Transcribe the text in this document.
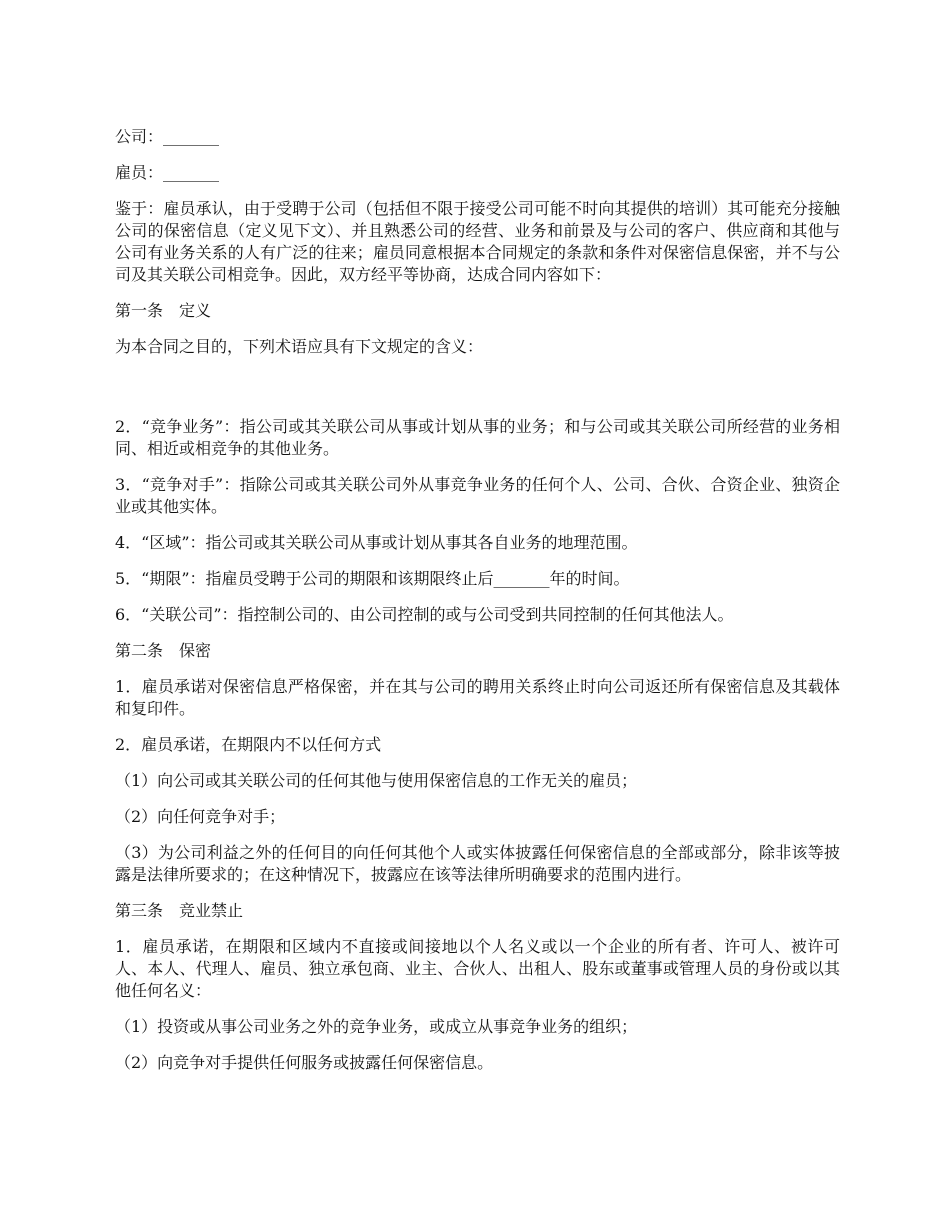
公司：_______

雇员：_______

鉴于：雇员承认，由于受聘于公司（包括但不限于接受公司可能不时向其提供的培训）其可能充分接触公司的保密信息（定义见下文）、并且熟悉公司的经营、业务和前景及与公司的客户、供应商和其他与公司有业务关系的人有广泛的往来；雇员同意根据本合同规定的条款和条件对保密信息保密，并不与公司及其关联公司相竞争。因此，双方经平等协商，达成合同内容如下：

第一条　定义

为本合同之目的，下列术语应具有下文规定的含义：

2．“竞争业务”：指公司或其关联公司从事或计划从事的业务；和与公司或其关联公司所经营的业务相同、相近或相竞争的其他业务。

3．“竞争对手”：指除公司或其关联公司外从事竞争业务的任何个人、公司、合伙、合资企业、独资企业或其他实体。

4．“区域”：指公司或其关联公司从事或计划从事其各自业务的地理范围。

5．“期限”：指雇员受聘于公司的期限和该期限终止后_______年的时间。

6．“关联公司”：指控制公司的、由公司控制的或与公司受到共同控制的任何其他法人。

第二条　保密

1．雇员承诺对保密信息严格保密，并在其与公司的聘用关系终止时向公司返还所有保密信息及其载体和复印件。

2．雇员承诺，在期限内不以任何方式

（1）向公司或其关联公司的任何其他与使用保密信息的工作无关的雇员；

（2）向任何竞争对手；

（3）为公司利益之外的任何目的向任何其他个人或实体披露任何保密信息的全部或部分，除非该等披露是法律所要求的；在这种情况下，披露应在该等法律所明确要求的范围内进行。

第三条　竞业禁止

1．雇员承诺，在期限和区域内不直接或间接地以个人名义或以一个企业的所有者、许可人、被许可人、本人、代理人、雇员、独立承包商、业主、合伙人、出租人、股东或董事或管理人员的身份或以其他任何名义：

（1）投资或从事公司业务之外的竞争业务，或成立从事竞争业务的组织；

（2）向竞争对手提供任何服务或披露任何保密信息。
